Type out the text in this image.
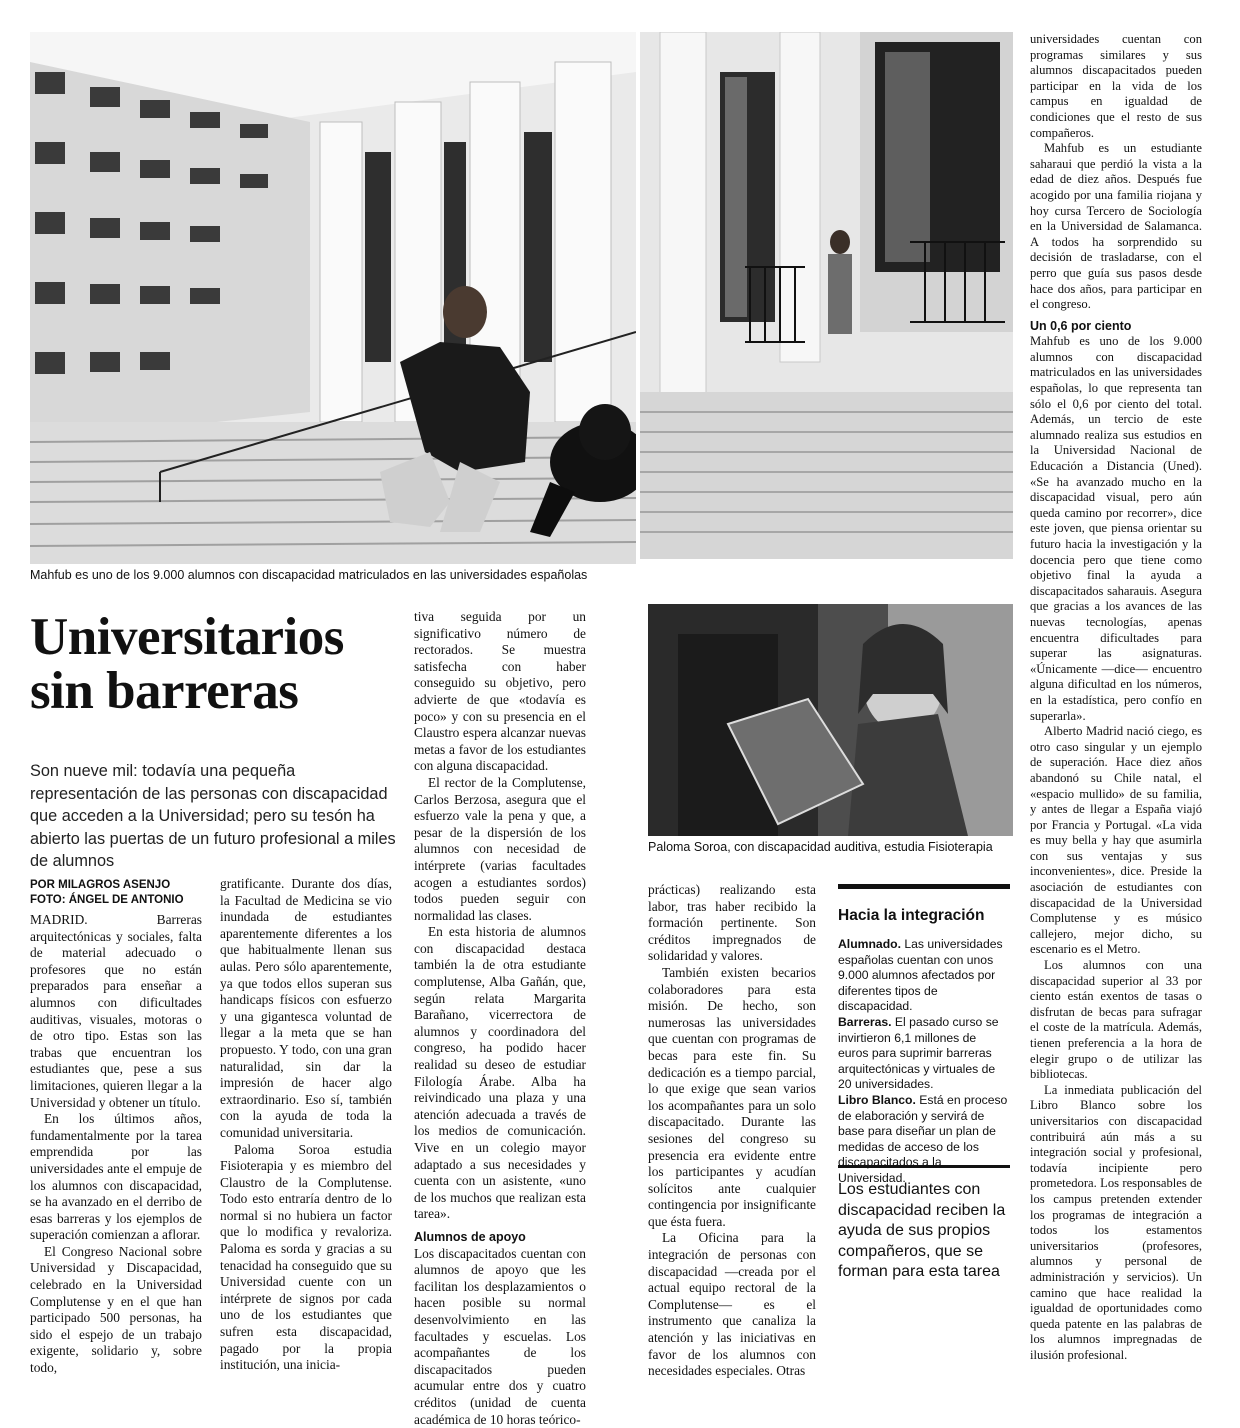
Mahfub es uno de los 9.000 alumnos con discapacidad matriculados en las universidades españolas
Universitarios
sin barreras

Son nueve mil: todavía una pequeña representación de las personas con discapacidad que acceden a la Universidad; pero su tesón ha abierto las puertas de un futuro profesional a miles de alumnos

POR MILAGROS ASENJO
FOTO: ÁNGEL DE ANTONIO

MADRID. Barreras arquitectónicas y sociales, falta de material adecuado o profesores que no están preparados para enseñar a alumnos con dificultades auditivas, visuales, motoras o de otro tipo. Estas son las trabas que encuentran los estudiantes que, pese a sus limitaciones, quieren llegar a la Universidad y obtener un título.

En los últimos años, fundamentalmente por la tarea emprendida por las universidades ante el empuje de los alumnos con discapacidad, se ha avanzado en el derribo de esas barreras y los ejemplos de superación comienzan a aflorar.

El Congreso Nacional sobre Universidad y Discapacidad, celebrado en la Universidad Complutense y en el que han participado 500 personas, ha sido el espejo de un trabajo exigente, solidario y, sobre todo,

gratificante. Durante dos días, la Facultad de Medicina se vio inundada de estudiantes aparentemente diferentes a los que habitualmente llenan sus aulas. Pero sólo aparentemente, ya que todos ellos superan sus handicaps físicos con esfuerzo y una gigantesca voluntad de llegar a la meta que se han propuesto. Y todo, con una gran naturalidad, sin dar la impresión de hacer algo extraordinario. Eso sí, también con la ayuda de toda la comunidad universitaria.

Paloma Soroa estudia Fisioterapia y es miembro del Claustro de la Complutense. Todo esto entraría dentro de lo normal si no hubiera un factor que lo modifica y revaloriza. Paloma es sorda y gracias a su tenacidad ha conseguido que su Universidad cuente con un intérprete de signos por cada uno de los estudiantes que sufren esta discapacidad, pagado por la propia institución, una inicia-

tiva seguida por un significativo número de rectorados. Se muestra satisfecha con haber conseguido su objetivo, pero advierte de que «todavía es poco» y con su presencia en el Claustro espera alcanzar nuevas metas a favor de los estudiantes con alguna discapacidad.

El rector de la Complutense, Carlos Berzosa, asegura que el esfuerzo vale la pena y que, a pesar de la dispersión de los alumnos con necesidad de intérprete (varias facultades acogen a estudiantes sordos) todos pueden seguir con normalidad las clases.

En esta historia de alumnos con discapacidad destaca también la de otra estudiante complutense, Alba Gañán, que, según relata Margarita Barañano, vicerrectora de alumnos y coordinadora del congreso, ha podido hacer realidad su deseo de estudiar Filología Árabe. Alba ha reivindicado una plaza y una atención adecuada a través de los medios de comunicación. Vive en un colegio mayor adaptado a sus necesidades y cuenta con un asistente, «uno de los muchos que realizan esta tarea».

Alumnos de apoyo

Los discapacitados cuentan con alumnos de apoyo que les facilitan los desplazamientos o hacen posible su normal desenvolvimiento en las facultades y escuelas. Los acompañantes de los discapacitados pueden acumular entre dos y cuatro créditos (unidad de cuenta académica de 10 horas teórico-

Paloma Soroa, con discapacidad auditiva, estudia Fisioterapia

prácticas) realizando esta labor, tras haber recibido la formación pertinente. Son créditos impregnados de solidaridad y valores.

También existen becarios colaboradores para esta misión. De hecho, son numerosas las universidades que cuentan con programas de becas para este fin. Su dedicación es a tiempo parcial, lo que exige que sean varios los acompañantes para un solo discapacitado. Durante las sesiones del congreso su presencia era evidente entre los participantes y acudían solícitos ante cualquier contingencia por insignificante que ésta fuera.

La Oficina para la integración de personas con discapacidad —creada por el actual equipo rectoral de la Complutense— es el instrumento que canaliza la atención y las iniciativas en favor de los alumnos con necesidades especiales. Otras

Hacia la integración

Alumnado. Las universidades españolas cuentan con unos 9.000 alumnos afectados por diferentes tipos de discapacidad.

Barreras. El pasado curso se invirtieron 6,1 millones de euros para suprimir barreras arquitectónicas y virtuales de 20 universidades.

Libro Blanco. Está en proceso de elaboración y servirá de base para diseñar un plan de medidas de acceso de los discapacitados a la Universidad.

Los estudiantes con discapacidad reciben la ayuda de sus propios compañeros, que se forman para esta tarea

universidades cuentan con programas similares y sus alumnos discapacitados pueden participar en la vida de los campus en igualdad de condiciones que el resto de sus compañeros.

Mahfub es un estudiante saharaui que perdió la vista a la edad de diez años. Después fue acogido por una familia riojana y hoy cursa Tercero de Sociología en la Universidad de Salamanca. A todos ha sorprendido su decisión de trasladarse, con el perro que guía sus pasos desde hace dos años, para participar en el congreso.

Un 0,6 por ciento

Mahfub es uno de los 9.000 alumnos con discapacidad matriculados en las universidades españolas, lo que representa tan sólo el 0,6 por ciento del total. Además, un tercio de este alumnado realiza sus estudios en la Universidad Nacional de Educación a Distancia (Uned). «Se ha avanzado mucho en la discapacidad visual, pero aún queda camino por recorrer», dice este joven, que piensa orientar su futuro hacia la investigación y la docencia pero que tiene como objetivo final la ayuda a discapacitados saharauis. Asegura que gracias a los avances de las nuevas tecnologías, apenas encuentra dificultades para superar las asignaturas. «Únicamente —dice— encuentro alguna dificultad en los números, en la estadística, pero confío en superarla».

Alberto Madrid nació ciego, es otro caso singular y un ejemplo de superación. Hace diez años abandonó su Chile natal, el «espacio mullido» de su familia, y antes de llegar a España viajó por Francia y Portugal. «La vida es muy bella y hay que asumirla con sus ventajas y sus inconvenientes», dice. Preside la asociación de estudiantes con discapacidad de la Universidad Complutense y es músico callejero, mejor dicho, su escenario es el Metro.

Los alumnos con una discapacidad superior al 33 por ciento están exentos de tasas o disfrutan de becas para sufragar el coste de la matrícula. Además, tienen preferencia a la hora de elegir grupo o de utilizar las bibliotecas.

La inmediata publicación del Libro Blanco sobre los universitarios con discapacidad contribuirá aún más a su integración social y profesional, todavía incipiente pero prometedora. Los responsables de los campus pretenden extender los programas de integración a todos los estamentos universitarios (profesores, alumnos y personal de administración y servicios). Un camino que hace realidad la igualdad de oportunidades como queda patente en las palabras de los alumnos impregnadas de ilusión profesional.
